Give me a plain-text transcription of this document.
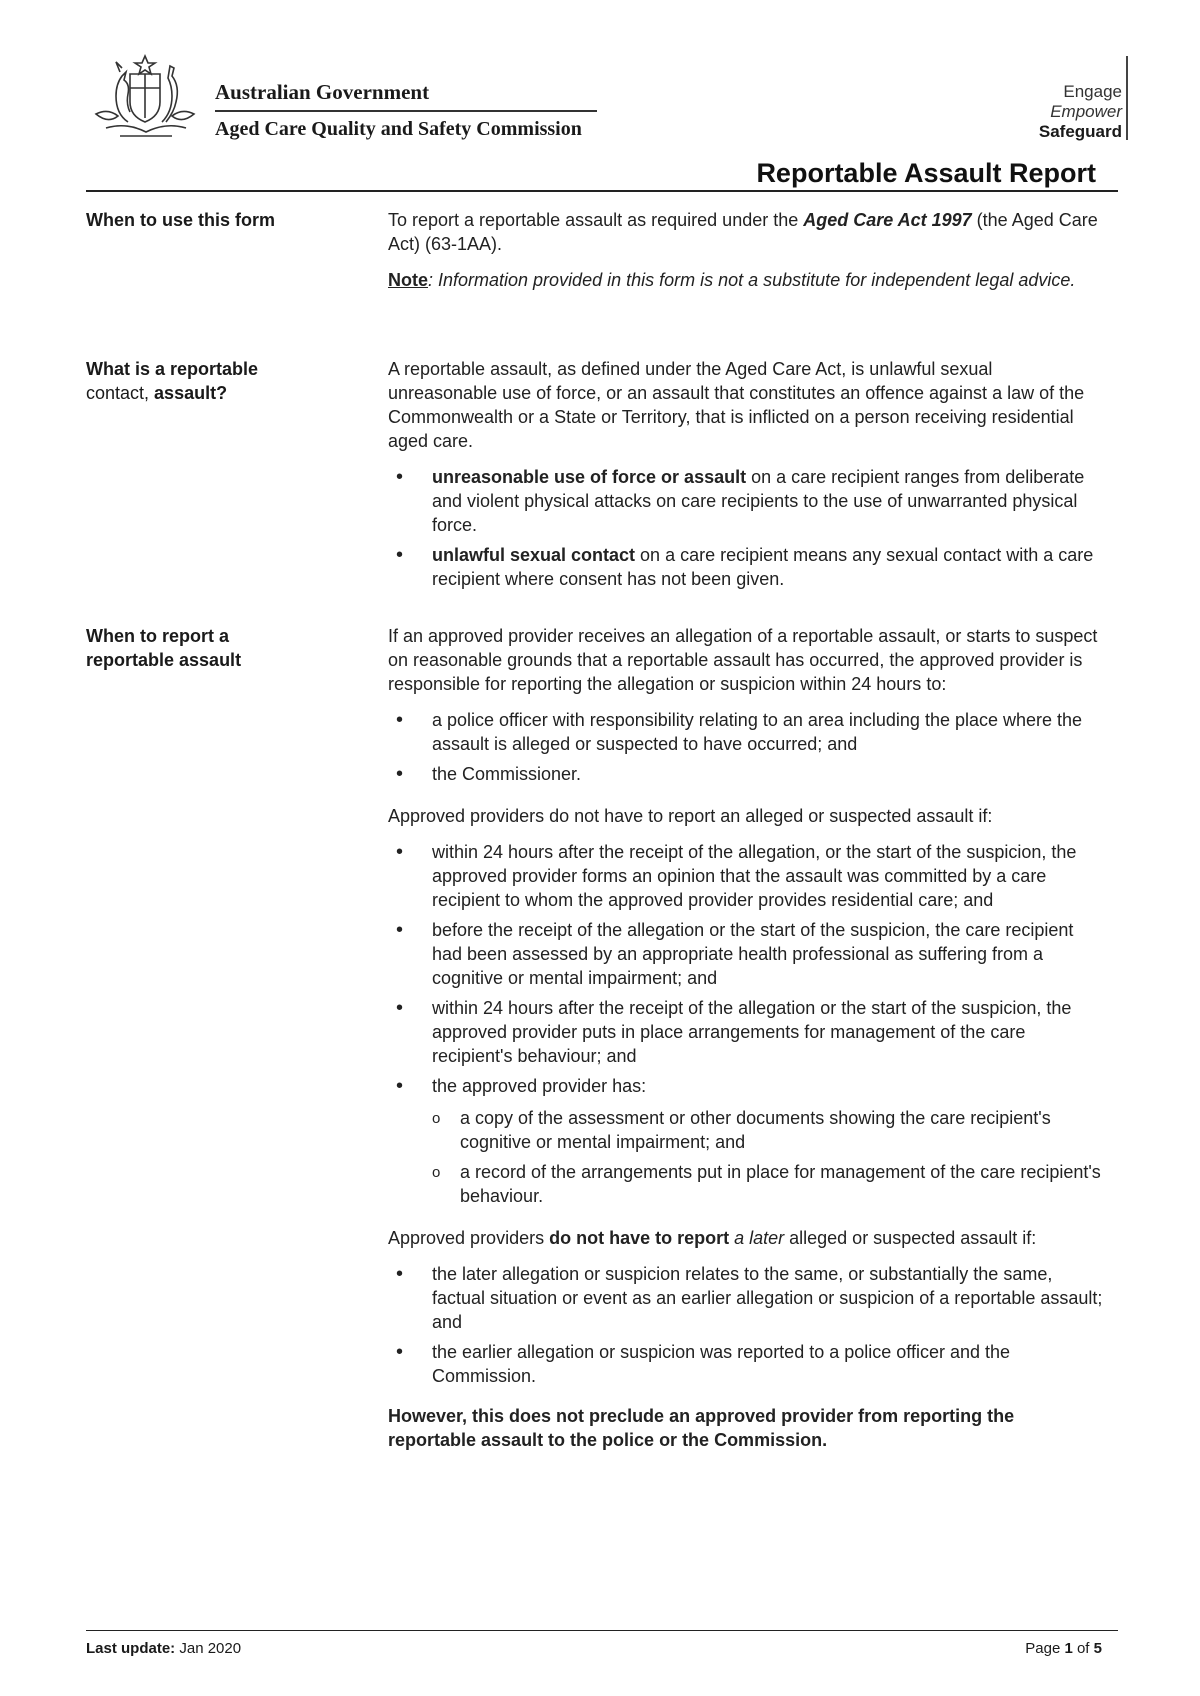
Australian Government
Aged Care Quality and Safety Commission
Engage
Empower
Safeguard
Reportable Assault Report
When to use this form	To report a reportable assault as required under the Aged Care Act 1997 (the Aged Care Act) (63-1AA).

Note: Information provided in this form is not a substitute for independent legal advice.

What is a reportable
contact, assault?

A reportable assault, as defined under the Aged Care Act, is unlawful sexual unreasonable use of force, or an assault that constitutes an offence against a law of the Commonwealth or a State or Territory, that is inflicted on a person receiving residential aged care.

• unreasonable use of force or assault on a care recipient ranges from deliberate and violent physical attacks on care recipients to the use of unwarranted physical force.
• unlawful sexual contact on a care recipient means any sexual contact with a care recipient where consent has not been given.
When to report a reportable assault

If an approved provider receives an allegation of a reportable assault, or starts to suspect on reasonable grounds that a reportable assault has occurred, the approved provider is responsible for reporting the allegation or suspicion within 24 hours to:

• a police officer with responsibility relating to an area including the place where the assault is alleged or suspected to have occurred; and
• the Commissioner.

Approved providers do not have to report an alleged or suspected assault if:

• within 24 hours after the receipt of the allegation, or the start of the suspicion, the approved provider forms an opinion that the assault was committed by a care recipient to whom the approved provider provides residential care; and
• before the receipt of the allegation or the start of the suspicion, the care recipient had been assessed by an appropriate health professional as suffering from a cognitive or mental impairment; and
• within 24 hours after the receipt of the allegation or the start of the suspicion, the approved provider puts in place arrangements for management of the care recipient's behaviour; and
• the approved provider has:
o a copy of the assessment or other documents showing the care recipient's cognitive or mental impairment; and
o a record of the arrangements put in place for management of the care recipient's behaviour.

Approved providers do not have to report a later alleged or suspected assault if:

• the later allegation or suspicion relates to the same, or substantially the same, factual situation or event as an earlier allegation or suspicion of a reportable assault; and
• the earlier allegation or suspicion was reported to a police officer and the Commission.

However, this does not preclude an approved provider from reporting the reportable assault to the police or the Commission.

Last update: Jan 2020	Page 1 of 5
